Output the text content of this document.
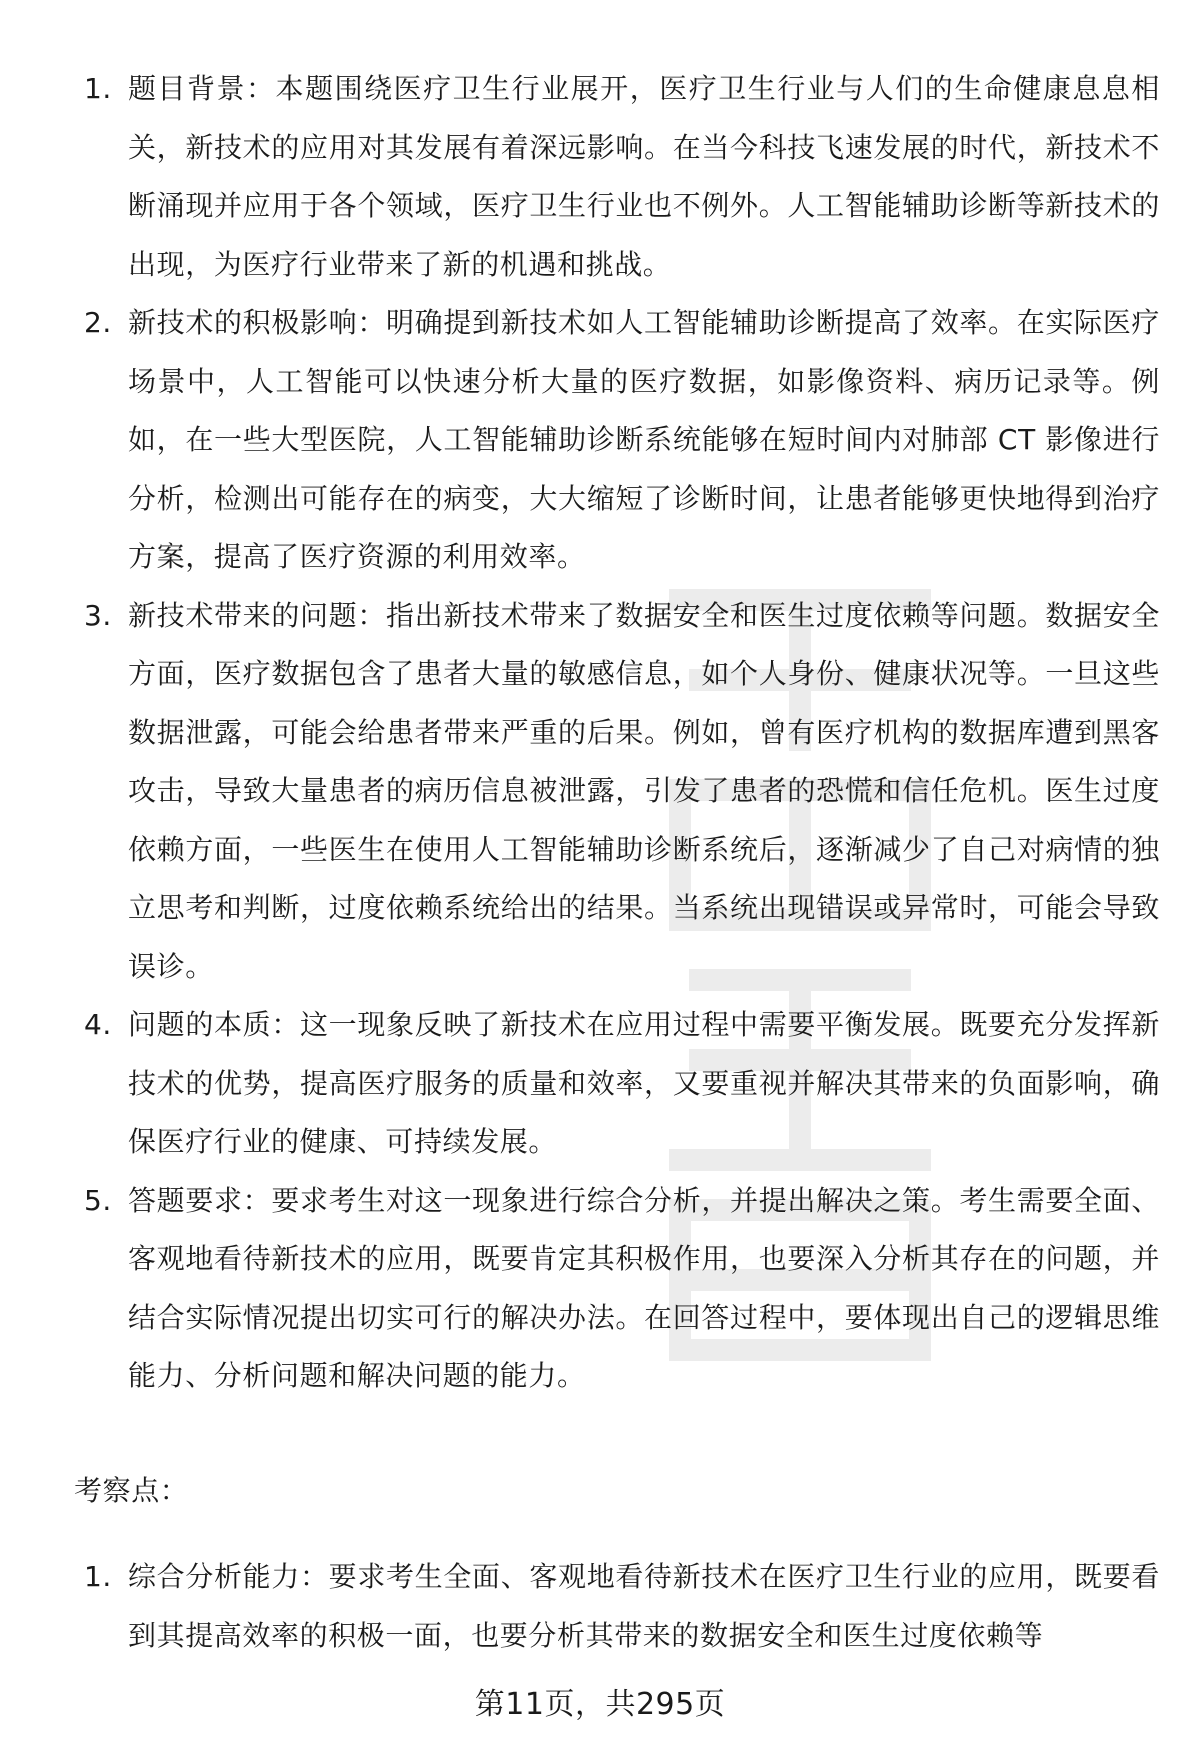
1. 题目背景：本题围绕医疗卫生行业展开，医疗卫生行业与人们的生命健康息息相关，新技术的应用对其发展有着深远影响。在当今科技飞速发展的时代，新技术不断涌现并应用于各个领域，医疗卫生行业也不例外。人工智能辅助诊断等新技术的出现，为医疗行业带来了新的机遇和挑战。
2. 新技术的积极影响：明确提到新技术如人工智能辅助诊断提高了效率。在实际医疗场景中，人工智能可以快速分析大量的医疗数据，如影像资料、病历记录等。例如，在一些大型医院，人工智能辅助诊断系统能够在短时间内对肺部 CT 影像进行分析，检测出可能存在的病变，大大缩短了诊断时间，让患者能够更快地得到治疗方案，提高了医疗资源的利用效率。
3. 新技术带来的问题：指出新技术带来了数据安全和医生过度依赖等问题。数据安全方面，医疗数据包含了患者大量的敏感信息，如个人身份、健康状况等。一旦这些数据泄露，可能会给患者带来严重的后果。例如，曾有医疗机构的数据库遭到黑客攻击，导致大量患者的病历信息被泄露，引发了患者的恐慌和信任危机。医生过度依赖方面，一些医生在使用人工智能辅助诊断系统后，逐渐减少了自己对病情的独立思考和判断，过度依赖系统给出的结果。当系统出现错误或异常时，可能会导致误诊。
4. 问题的本质：这一现象反映了新技术在应用过程中需要平衡发展。既要充分发挥新技术的优势，提高医疗服务的质量和效率，又要重视并解决其带来的负面影响，确保医疗行业的健康、可持续发展。
5. 答题要求：要求考生对这一现象进行综合分析，并提出解决之策。考生需要全面、客观地看待新技术的应用，既要肯定其积极作用，也要深入分析其存在的问题，并结合实际情况提出切实可行的解决办法。在回答过程中，要体现出自己的逻辑思维能力、分析问题和解决问题的能力。
考察点：
1. 综合分析能力：要求考生全面、客观地看待新技术在医疗卫生行业的应用，既要看到其提高效率的积极一面，也要分析其带来的数据安全和医生过度依赖等
第11页，共295页
